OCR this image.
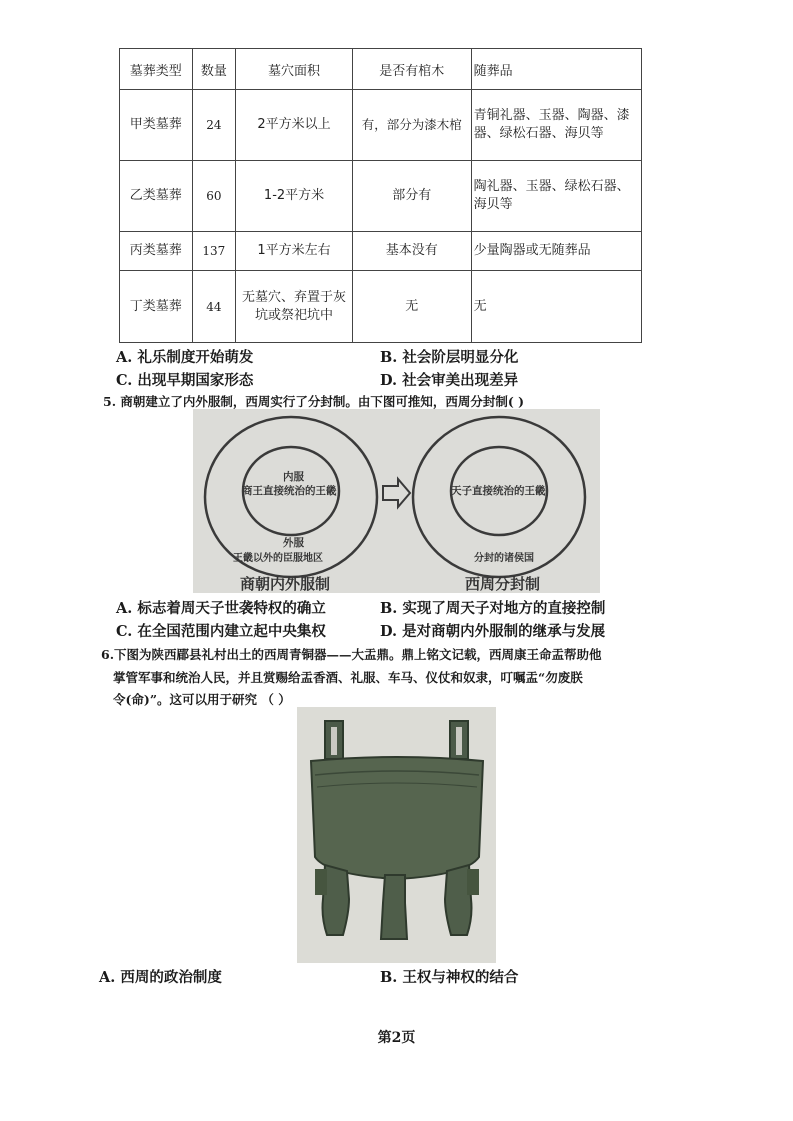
墓葬类型	数量	墓穴面积	是否有棺木	随葬品
甲类墓葬	24	2平方米以上	有，部分为漆木棺	青铜礼器、玉器、陶器、漆器、绿松石器、海贝等
乙类墓葬	60	1-2平方米	部分有	陶礼器、玉器、绿松石器、海贝等
丙类墓葬	137	1平方米左右	基本没有	少量陶器或无随葬品
丁类墓葬	44	无墓穴、弃置于灰坑或祭祀坑中	无	无
A. 礼乐制度开始萌发	B. 社会阶层明显分化
C. 出现早期国家形态	D. 社会审美出现差异
5. 商朝建立了内外服制，西周实行了分封制。由下图可推知，西周分封制( )
内服
商王直接统治的王畿
外服
王畿以外的臣服地区
天子直接统治的王畿
分封的诸侯国
商朝内外服制	西周分封制
A. 标志着周天子世袭特权的确立	B. 实现了周天子对地方的直接控制
C. 在全国范围内建立起中央集权	D. 是对商朝内外服制的继承与发展
6.下图为陕西郿县礼村出土的西周青铜器——大盂鼎。鼎上铭文记载，西周康王命盂帮助他
掌管军事和统治人民，并且赏赐给盂香酒、礼服、车马、仪仗和奴隶，叮嘱盂“勿废朕
令(命)”。这可以用于研究 （ ）
A. 西周的政治制度	B. 王权与神权的结合
第2页
